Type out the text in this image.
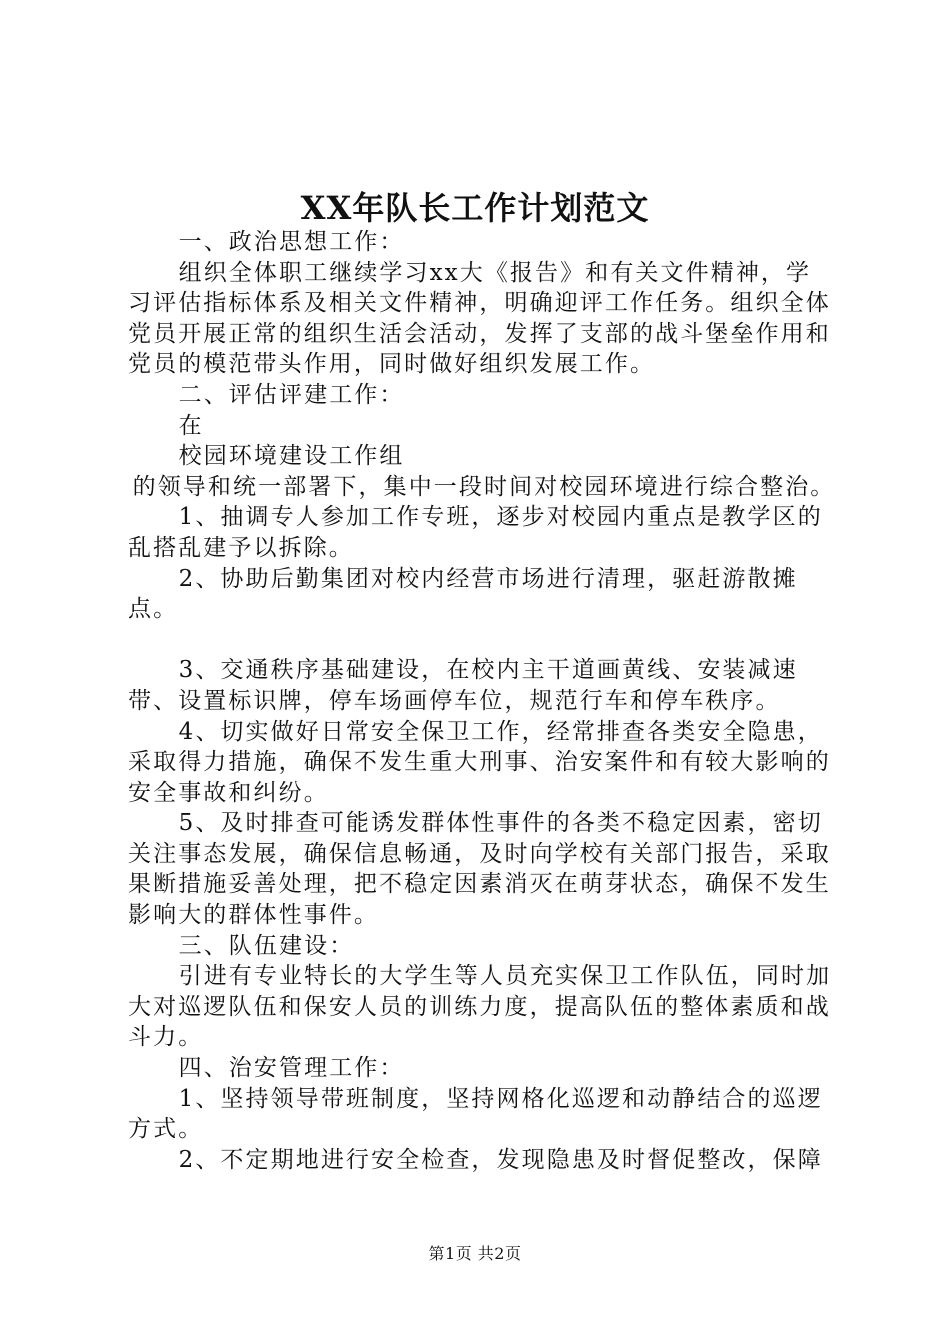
XX年队长工作计划范文

一、政治思想工作：

组织全体职工继续学习xx大《报告》和有关文件精神，学习评估指标体系及相关文件精神，明确迎评工作任务。组织全体党员开展正常的组织生活会活动，发挥了支部的战斗堡垒作用和党员的模范带头作用，同时做好组织发展工作。

二、评估评建工作：

在

校园环境建设工作组

的领导和统一部署下，集中一段时间对校园环境进行综合整治。

1、抽调专人参加工作专班，逐步对校园内重点是教学区的乱搭乱建予以拆除。

2、协助后勤集团对校内经营市场进行清理，驱赶游散摊点。

3、交通秩序基础建设，在校内主干道画黄线、安装减速带、设置标识牌，停车场画停车位，规范行车和停车秩序。

4、切实做好日常安全保卫工作，经常排查各类安全隐患，采取得力措施，确保不发生重大刑事、治安案件和有较大影响的安全事故和纠纷。

5、及时排查可能诱发群体性事件的各类不稳定因素，密切关注事态发展，确保信息畅通，及时向学校有关部门报告，采取果断措施妥善处理，把不稳定因素消灭在萌芽状态，确保不发生影响大的群体性事件。

三、队伍建设：

引进有专业特长的大学生等人员充实保卫工作队伍，同时加大对巡逻队伍和保安人员的训练力度，提高队伍的整体素质和战斗力。

四、治安管理工作：

1、坚持领导带班制度，坚持网格化巡逻和动静结合的巡逻方式。

2、不定期地进行安全检查，发现隐患及时督促整改，保障

第1页 共2页
